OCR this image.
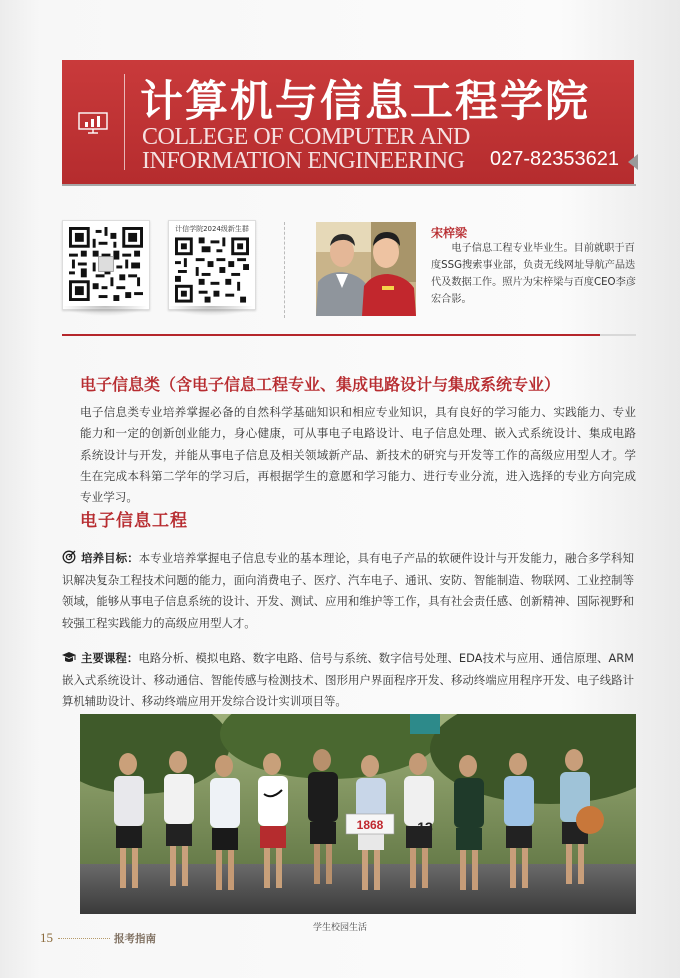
计算机与信息工程学院
COLLEGE OF COMPUTER AND
INFORMATION ENGINEERING 027-82353621
计信学院2024级新生群	宋梓梁
电子信息工程专业毕业生。目前就职于百度SSG搜索事业部，负责无线网址导航产品迭代及数据工作。照片为宋梓梁与百度CEO李彦宏合影。
电子信息类（含电子信息工程专业、集成电路设计与集成系统专业）
电子信息类专业培养掌握必备的自然科学基础知识和相应专业知识，具有良好的学习能力、实践能力、专业能力和一定的创新创业能力，身心健康，可从事电子电路设计、电子信息处理、嵌入式系统设计、集成电路系统设计与开发，并能从事电子信息及相关领域新产品、新技术的研究与开发等工作的高级应用型人才。学生在完成本科第二学年的学习后，再根据学生的意愿和学习能力、进行专业分流，进入选择的专业方向完成专业学习。
电子信息工程
培养目标：本专业培养掌握电子信息专业的基本理论，具有电子产品的软硬件设计与开发能力，融合多学科知识解决复杂工程技术问题的能力，面向消费电子、医疗、汽车电子、通讯、安防、智能制造、物联网、工业控制等领域，能够从事电子信息系统的设计、开发、测试、应用和维护等工作，具有社会责任感、创新精神、国际视野和较强工程实践能力的高级应用型人才。
主要课程：电路分析、模拟电路、数字电路、信号与系统、数字信号处理、EDA技术与应用、通信原理、ARM嵌入式系统设计、移动通信、智能传感与检测技术、图形用户界面程序开发、移动终端应用程序开发、电子线路计算机辅助设计、移动终端应用开发综合设计实训项目等。
1868 13
学生校园生活
15	报考指南
